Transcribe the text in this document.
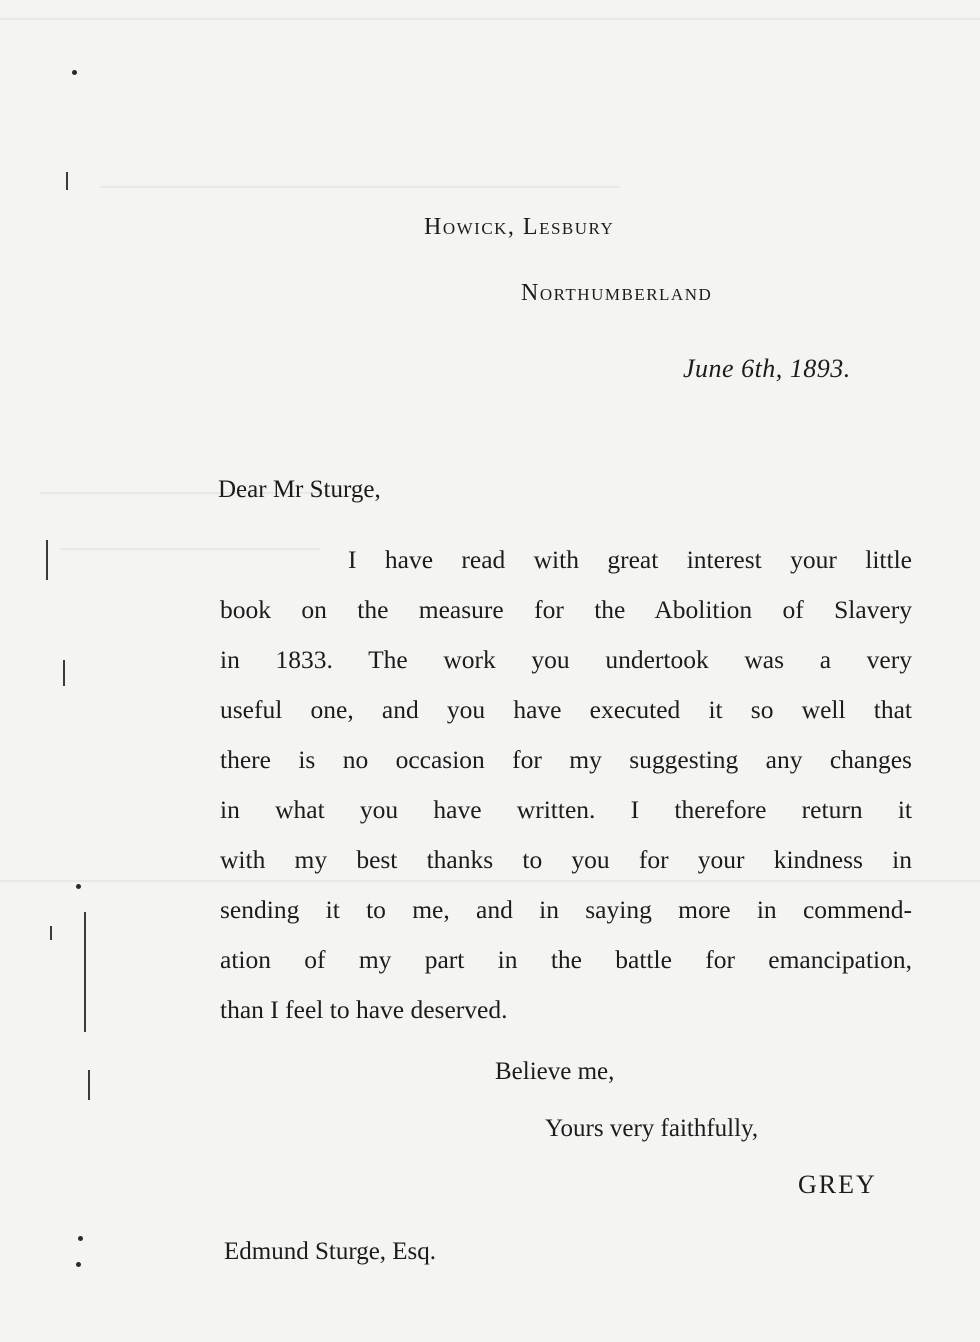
Howick, Lesbury
Northumberland
June 6th, 1893.
Dear Mr Sturge,
I have read with great interest your little
book on the measure for the Abolition of Slavery
in 1833. The work you undertook was a very
useful one, and you have executed it so well that
there is no occasion for my suggesting any changes
in what you have written. I therefore return it
with my best thanks to you for your kindness in
sending it to me, and in saying more in commend-
ation of my part in the battle for emancipation,
than I feel to have deserved.
Believe me,
Yours very faithfully,
GREY
Edmund Sturge, Esq.
